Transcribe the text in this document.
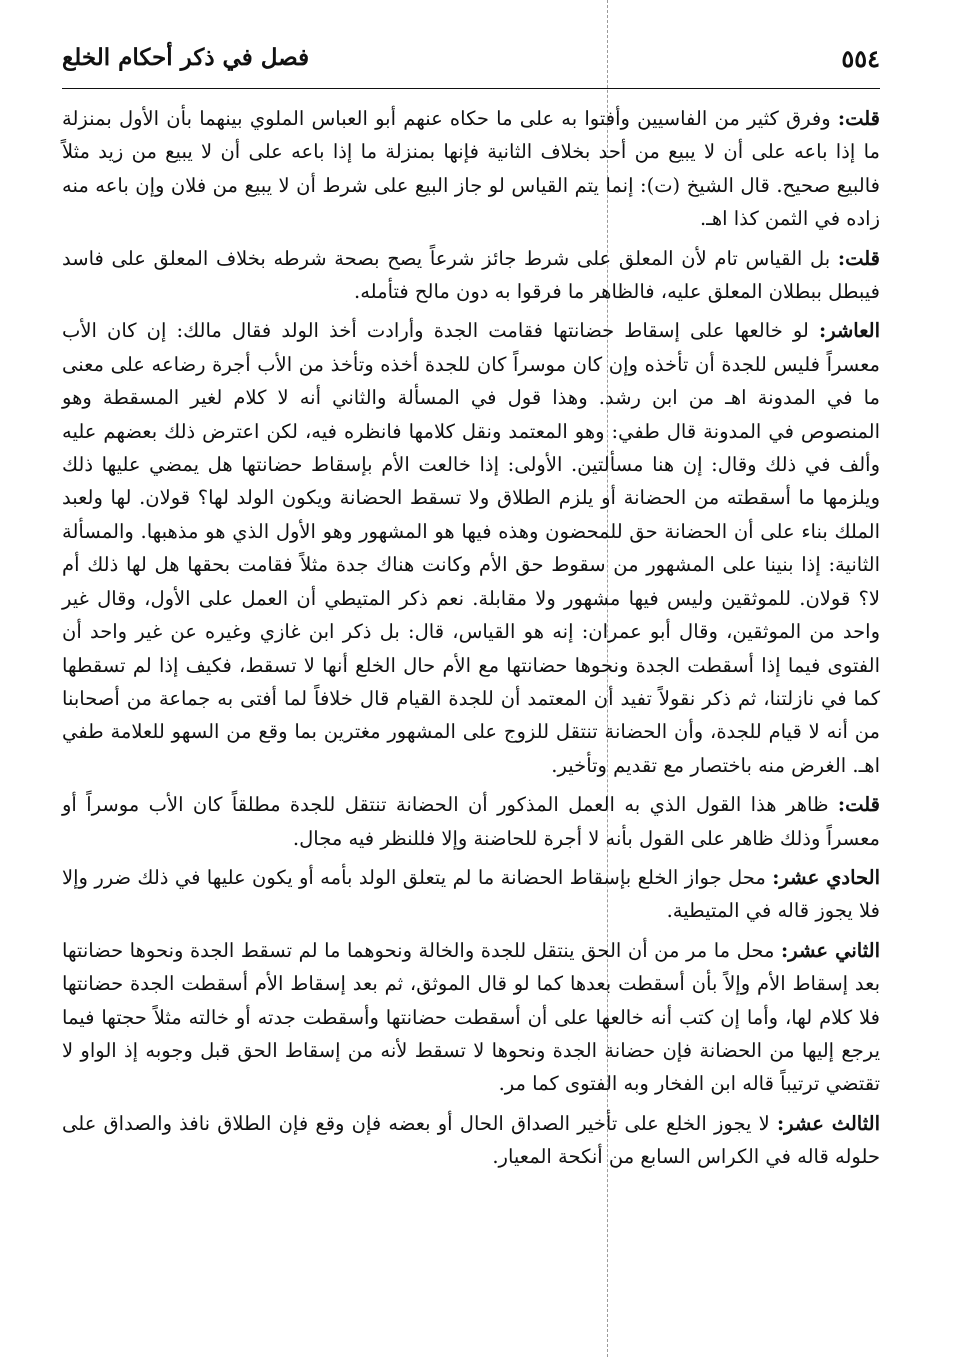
٥٥٤
فصل في ذكر أحكام الخلع

قلت: وفرق كثير من الفاسيين وأفتوا به على ما حكاه عنهم أبو العباس الملوي بينهما بأن الأول بمنزلة ما إذا باعه على أن لا يبيع من أحد بخلاف الثانية فإنها بمنزلة ما إذا باعه على أن لا يبيع من زيد مثلاً فالبيع صحيح. قال الشيخ (ت): إنما يتم القياس لو جاز البيع على شرط أن لا يبيع من فلان وإن باعه منه زاده في الثمن كذا اهـ.

قلت: بل القياس تام لأن المعلق على شرط جائز شرعاً يصح بصحة شرطه بخلاف المعلق على فاسد فيبطل ببطلان المعلق عليه، فالظاهر ما فرقوا به دون مالح فتأمله.

العاشر: لو خالعها على إسقاط حضانتها فقامت الجدة وأرادت أخذ الولد فقال مالك: إن كان الأب معسراً فليس للجدة أن تأخذه وإن كان موسراً كان للجدة أخذه وتأخذ من الأب أجرة رضاعه على معنى ما في المدونة اهـ من ابن رشد. وهذا قول في المسألة والثاني أنه لا كلام لغير المسقطة وهو المنصوص في المدونة قال طفي: وهو المعتمد ونقل كلامها فانظره فيه، لكن اعترض ذلك بعضهم عليه وألف في ذلك وقال: إن هنا مسألتين. الأولى: إذا خالعت الأم بإسقاط حضانتها هل يمضي عليها ذلك ويلزمها ما أسقطته من الحضانة أو يلزم الطلاق ولا تسقط الحضانة ويكون الولد لها؟ قولان. لها ولعبد الملك بناء على أن الحضانة حق للمحضون وهذه فيها هو المشهور وهو الأول الذي هو مذهبها. والمسألة الثانية: إذا بنينا على المشهور من سقوط حق الأم وكانت هناك جدة مثلاً فقامت بحقها هل لها ذلك أم لا؟ قولان. للموثقين وليس فيها مشهور ولا مقابلة. نعم ذكر المتيطي أن العمل على الأول، وقال غير واحد من الموثقين، وقال أبو عمران: إنه هو القياس، قال: بل ذكر ابن غازي وغيره عن غير واحد أن الفتوى فيما إذا أسقطت الجدة ونحوها حضانتها مع الأم حال الخلع أنها لا تسقط، فكيف إذا لم تسقطها كما في نازلتنا، ثم ذكر نقولاً تفيد أن المعتمد أن للجدة القيام قال خلافاً لما أفتى به جماعة من أصحابنا من أنه لا قيام للجدة، وأن الحضانة تنتقل للزوج على المشهور مغترين بما وقع من السهو للعلامة طفي اهـ. الغرض منه باختصار مع تقديم وتأخير.

قلت: ظاهر هذا القول الذي به العمل المذكور أن الحضانة تنتقل للجدة مطلقاً كان الأب موسراً أو معسراً وذلك ظاهر على القول بأنه لا أجرة للحاضنة وإلا فللنظر فيه مجال.

الحادي عشر: محل جواز الخلع بإسقاط الحضانة ما لم يتعلق الولد بأمه أو يكون عليها في ذلك ضرر وإلا فلا يجوز قاله في المتيطية.

الثاني عشر: محل ما مر من أن الحق ينتقل للجدة والخالة ونحوهما ما لم تسقط الجدة ونحوها حضانتها بعد إسقاط الأم وإلاً بأن أسقطت بعدها كما لو قال الموثق، ثم بعد إسقاط الأم أسقطت الجدة حضانتها فلا كلام لها، وأما إن كتب أنه خالعها على أن أسقطت حضانتها وأسقطت جدته أو خالته مثلاً حجتها فيما يرجع إليها من الحضانة فإن حضانة الجدة ونحوها لا تسقط لأنه من إسقاط الحق قبل وجوبه إذ الواو لا تقتضي ترتيباً قاله ابن الفخار وبه الفتوى كما مر.

الثالث عشر: لا يجوز الخلع على تأخير الصداق الحال أو بعضه فإن وقع فإن الطلاق نافذ والصداق على حلوله قاله في الكراس السابع من أنكحة المعيار.
